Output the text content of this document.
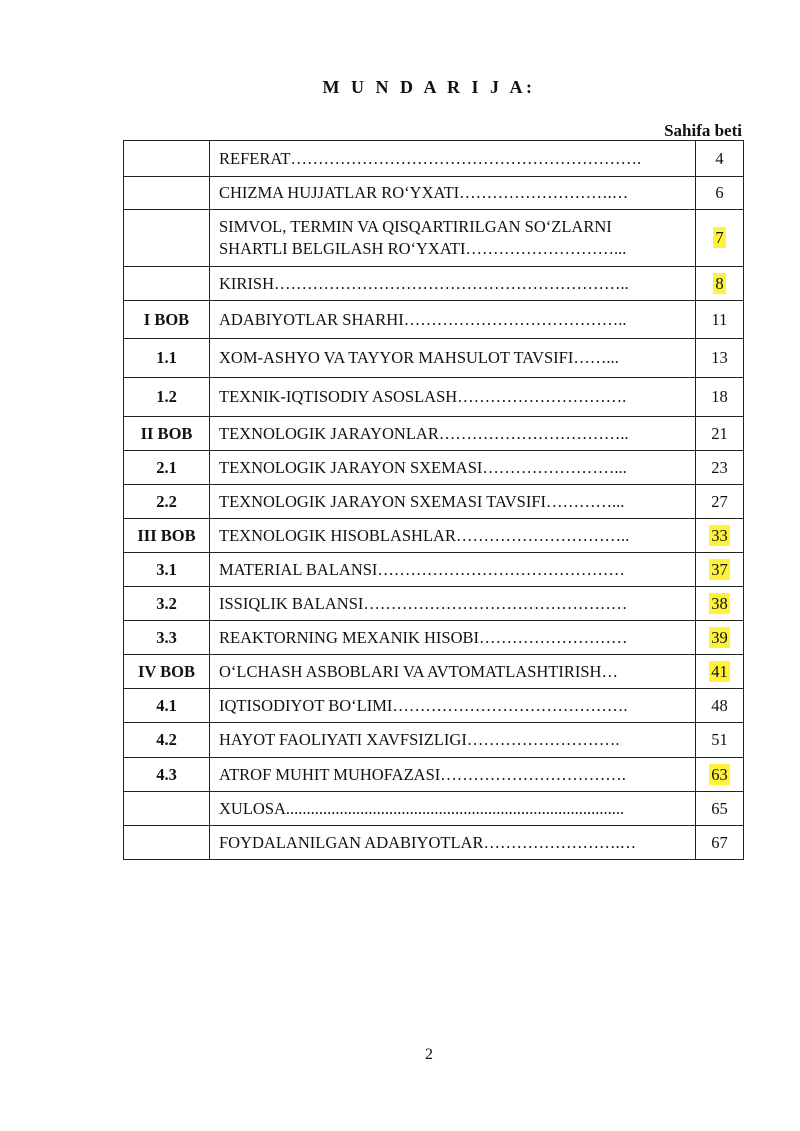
M U N D A R I J A:
Sahifa beti
	REFERAT……………………………………………………….	4
	CHIZMA HUJJATLAR RO‘YXATI……………………….…	6
	SIMVOL, TERMIN VA QISQARTIRILGAN SO‘ZLARNI
SHARTLI BELGILASH RO‘YXATI………………………...	7
	KIRISH………………………………………………………..	8
I BOB	ADABIYOTLAR SHARHI…………………………………..	11
1.1	XOM-ASHYO VA TAYYOR MAHSULOT TAVSIFI……...	13
1.2	TEXNIK-IQTISODIY ASOSLASH………………………….	18
II BOB	TEXNOLOGIK JARAYONLAR……………………………..	21
2.1	TEXNOLOGIK JARAYON SXEMASI……………………...	23
2.2	TEXNOLOGIK JARAYON SXEMASI TAVSIFI…………...	27
III BOB	TEXNOLOGIK HISOBLASHLAR…………………………..	33
3.1	MATERIAL BALANSI………………………………………	37
3.2	ISSIQLIK BALANSI…………………………………………	38
3.3	REAKTORNING MEXANIK HISOBI………………………	39
IV BOB	O‘LCHASH ASBOBLARI VA AVTOMATLASHTIRISH…	41
4.1	IQTISODIYOT BO‘LIMI…………………………………….	48
4.2	HAYOT FAOLIYATI XAVFSIZLIGI……………………….	51
4.3	ATROF MUHIT MUHOFAZASI…………………………….	63
	XULOSA..................................................................................	65
	FOYDALANILGAN ADABIYOTLAR…………………….…	67
2
